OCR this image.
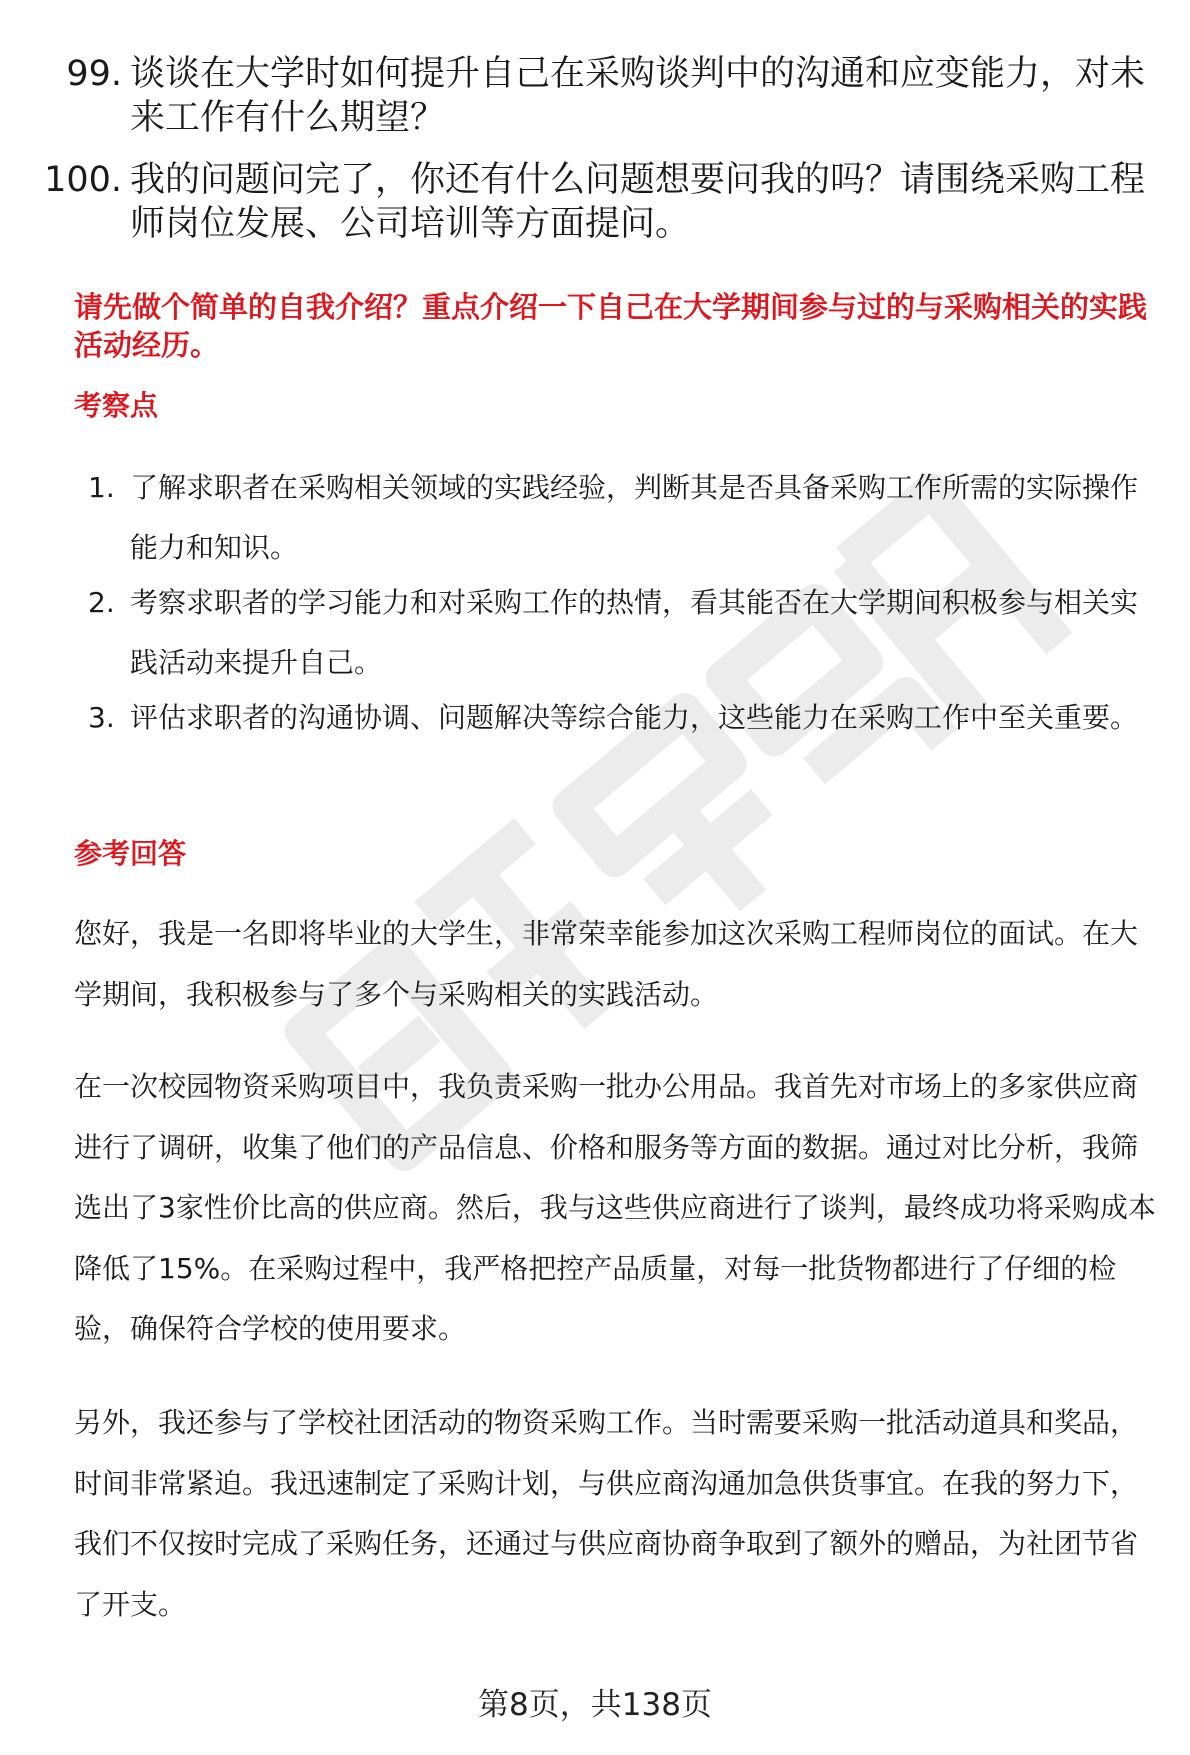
99. 谈谈在大学时如何提升自己在采购谈判中的沟通和应变能力，对未来工作有什么期望？
100. 我的问题问完了，你还有什么问题想要问我的吗？请围绕采购工程师岗位发展、公司培训等方面提问。
请先做个简单的自我介绍？重点介绍一下自己在大学期间参与过的与采购相关的实践活动经历。
考察点
1. 了解求职者在采购相关领域的实践经验，判断其是否具备采购工作所需的实际操作能力和知识。
2. 考察求职者的学习能力和对采购工作的热情，看其能否在大学期间积极参与相关实践活动来提升自己。
3. 评估求职者的沟通协调、问题解决等综合能力，这些能力在采购工作中至关重要。
参考回答
您好，我是一名即将毕业的大学生，非常荣幸能参加这次采购工程师岗位的面试。在大学期间，我积极参与了多个与采购相关的实践活动。
在一次校园物资采购项目中，我负责采购一批办公用品。我首先对市场上的多家供应商进行了调研，收集了他们的产品信息、价格和服务等方面的数据。通过对比分析，我筛选出了3家性价比高的供应商。然后，我与这些供应商进行了谈判，最终成功将采购成本降低了15%。在采购过程中，我严格把控产品质量，对每一批货物都进行了仔细的检验，确保符合学校的使用要求。
另外，我还参与了学校社团活动的物资采购工作。当时需要采购一批活动道具和奖品，时间非常紧迫。我迅速制定了采购计划，与供应商沟通加急供货事宜。在我的努力下，我们不仅按时完成了采购任务，还通过与供应商协商争取到了额外的赠品，为社团节省了开支。
第8页，共138页
